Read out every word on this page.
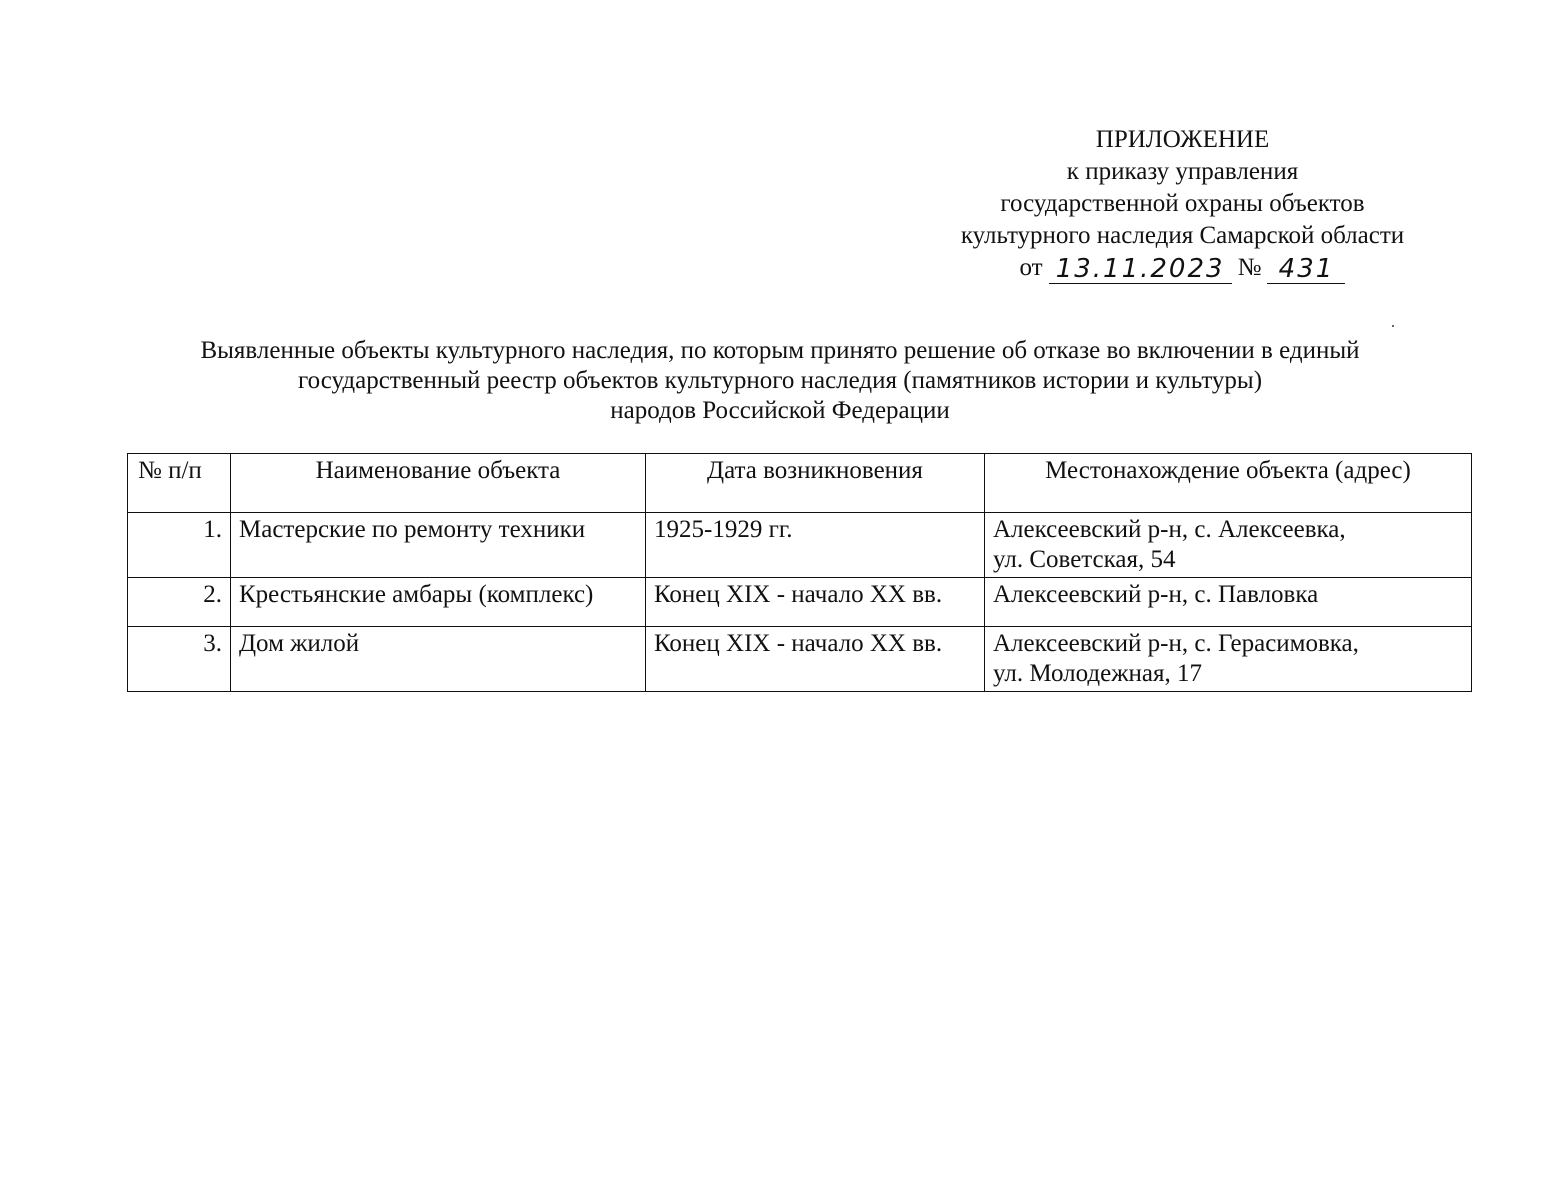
ПРИЛОЖЕНИЕ
к приказу управления
государственной охраны объектов
культурного наследия Самарской области
от 13.11.2023 № 431
Выявленные объекты культурного наследия, по которым принято решение об отказе во включении в единый
государственный реестр объектов культурного наследия (памятников истории и культуры)
народов Российской Федерации
№ п/п	Наименование объекта	Дата возникновения	Местонахождение объекта (адрес)
1.	Мастерские по ремонту техники	1925-1929 гг.	Алексеевский р-н, с. Алексеевка,
ул. Советская, 54

2.	Крестьянские амбары (комплекс)	Конец XIX - начало XX вв.	Алексеевский р-н, с. Павловка

3.	Дом жилой	Конец XIX - начало XX вв.	Алексеевский р-н, с. Герасимовка,
ул. Молодежная, 17
